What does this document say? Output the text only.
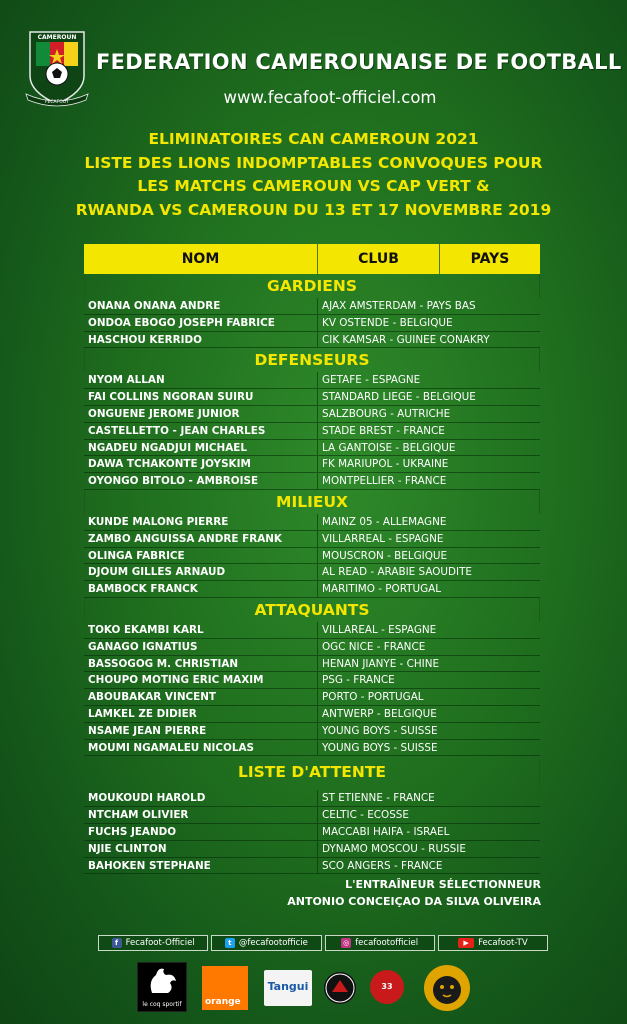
CAMEROUN
FECAFOOT
FEDERATION CAMEROUNAISE DE FOOTBALL
www.fecafoot-officiel.com
ELIMINATOIRES CAN CAMEROUN 2021
LISTE DES LIONS INDOMPTABLES CONVOQUES POUR
LES MATCHS CAMEROUN VS CAP VERT &
RWANDA VS CAMEROUN DU 13 ET 17 NOVEMBRE 2019
NOM	CLUB	PAYS
GARDIENS
ONANA ONANA ANDRE	AJAX AMSTERDAM - PAYS BAS
ONDOA EBOGO JOSEPH FABRICE	KV OSTENDE - BELGIQUE
HASCHOU KERRIDO	CIK KAMSAR - GUINEE CONAKRY
DEFENSEURS
NYOM ALLAN	GETAFE - ESPAGNE
FAI COLLINS NGORAN SUIRU	STANDARD LIEGE - BELGIQUE
ONGUENE JEROME JUNIOR	SALZBOURG - AUTRICHE
CASTELLETTO - JEAN CHARLES	STADE BREST - FRANCE
NGADEU NGADJUI MICHAEL	LA GANTOISE - BELGIQUE
DAWA TCHAKONTE JOYSKIM	FK MARIUPOL - UKRAINE
OYONGO BITOLO - AMBROISE	MONTPELLIER - FRANCE
MILIEUX
KUNDE MALONG PIERRE	MAINZ 05 - ALLEMAGNE
ZAMBO ANGUISSA ANDRE FRANK	VILLARREAL - ESPAGNE
OLINGA FABRICE	MOUSCRON - BELGIQUE
DJOUM GILLES ARNAUD	AL READ - ARABIE SAOUDITE
BAMBOCK FRANCK	MARITIMO - PORTUGAL
ATTAQUANTS
TOKO EKAMBI KARL	VILLAREAL - ESPAGNE
GANAGO IGNATIUS	OGC NICE - FRANCE
BASSOGOG M. CHRISTIAN	HENAN JIANYE - CHINE
CHOUPO MOTING ERIC MAXIM	PSG - FRANCE
ABOUBAKAR VINCENT	PORTO - PORTUGAL
LAMKEL ZE DIDIER	ANTWERP - BELGIQUE
NSAME JEAN PIERRE	YOUNG BOYS - SUISSE
MOUMI NGAMALEU NICOLAS	YOUNG BOYS - SUISSE
LISTE D'ATTENTE
MOUKOUDI HAROLD	ST ETIENNE - FRANCE
NTCHAM OLIVIER	CELTIC - ECOSSE
FUCHS JEANDO	MACCABI HAIFA - ISRAEL
NJIE CLINTON	DYNAMO MOSCOU - RUSSIE
BAHOKEN STEPHANE	SCO ANGERS - FRANCE
L'ENTRAÎNEUR SÉLECTIONNEUR
ANTONIO CONCEIÇAO DA SILVA OLIVEIRA
f Fecafoot-Officiel	t @fecafootofficie	◎ fecafootofficiel	▶	Fecafoot-TV
le coq sportif	orange
Tangui	33
